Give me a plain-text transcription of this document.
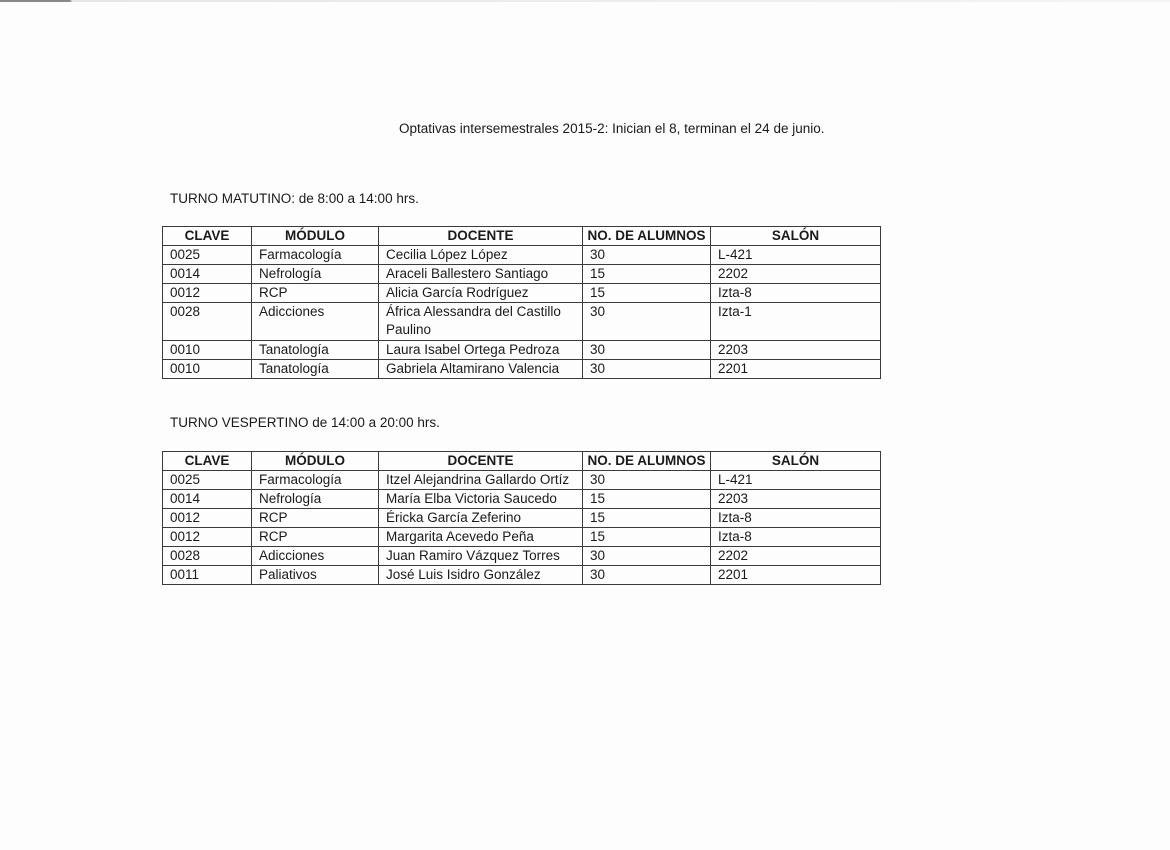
Optativas intersemestrales 2015-2: Inician el 8, terminan el 24 de junio.
TURNO MATUTINO: de 8:00 a 14:00 hrs.
CLAVE	MÓDULO	DOCENTE	NO. DE ALUMNOS	SALÓN
0025	Farmacología	Cecilia López López	30	L-421
0014	Nefrología	Araceli Ballestero Santiago	15	2202
0012	RCP	Alicia García Rodríguez	15	Izta-8
0028	Adicciones	África Alessandra del Castillo Paulino	30	Izta-1
0010	Tanatología	Laura Isabel Ortega Pedroza	30	2203
0010	Tanatología	Gabriela Altamirano Valencia	30	2201
TURNO VESPERTINO de 14:00 a 20:00 hrs.
CLAVE	MÓDULO	DOCENTE	NO. DE ALUMNOS	SALÓN
0025	Farmacología	Itzel Alejandrina Gallardo Ortíz	30	L-421
0014	Nefrología	María Elba Victoria Saucedo	15	2203
0012	RCP	Éricka García Zeferino	15	Izta-8
0012	RCP	Margarita Acevedo Peña	15	Izta-8
0028	Adicciones	Juan Ramiro Vázquez Torres	30	2202
0011	Paliativos	José Luis Isidro González	30	2201
